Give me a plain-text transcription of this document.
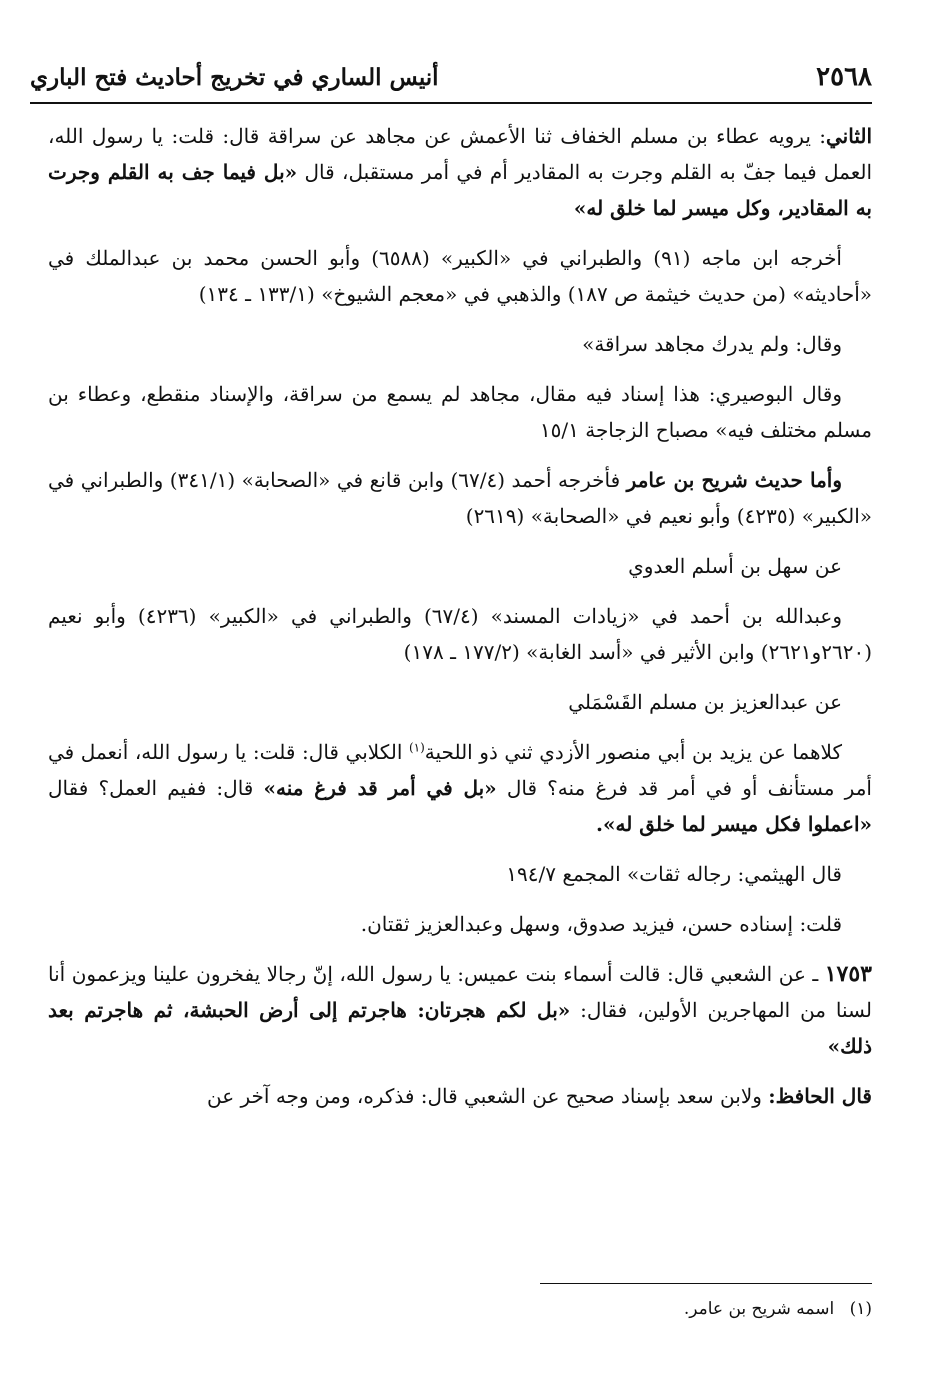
٢٥٦٨
أنيس الساري في تخريج أحاديث فتح الباري

الثاني: يرويه عطاء بن مسلم الخفاف ثنا الأعمش عن مجاهد عن سراقة قال: قلت: يا رسول الله، العمل فيما جفّ به القلم وجرت به المقادير أم في أمر مستقبل، قال «بل فيما جف به القلم وجرت به المقادير، وكل ميسر لما خلق له»

أخرجه ابن ماجه (٩١) والطبراني في «الكبير» (٦٥٨٨) وأبو الحسن محمد بن عبدالملك في «أحاديثه» (من حديث خيثمة ص ١٨٧) والذهبي في «معجم الشيوخ» (١٣٣/١ ـ ١٣٤)

وقال: ولم يدرك مجاهد سراقة»

وقال البوصيري: هذا إسناد فيه مقال، مجاهد لم يسمع من سراقة، والإسناد منقطع، وعطاء بن مسلم مختلف فيه» مصباح الزجاجة ١٥/١

وأما حديث شريح بن عامر فأخرجه أحمد (٦٧/٤) وابن قانع في «الصحابة» (٣٤١/١) والطبراني في «الكبير» (٤٢٣٥) وأبو نعيم في «الصحابة» (٢٦١٩)

عن سهل بن أسلم العدوي

وعبدالله بن أحمد في «زيادات المسند» (٦٧/٤) والطبراني في «الكبير» (٤٢٣٦) وأبو نعيم (٢٦٢٠و٢٦٢١) وابن الأثير في «أسد الغابة» (١٧٧/٢ ـ ١٧٨)

عن عبدالعزيز بن مسلم القَسْمَلي

كلاهما عن يزيد بن أبي منصور الأزدي ثني ذو اللحية$^{(١)}$ الكلابي قال: قلت: يا رسول الله، أنعمل في أمر مستأنف أو في أمر قد فرغ منه؟ قال «بل في أمر قد فرغ منه» قال: ففيم العمل؟ فقال «اعملوا فكل ميسر لما خلق له».

قال الهيثمي: رجاله ثقات» المجمع ١٩٤/٧

قلت: إسناده حسن، فيزيد صدوق، وسهل وعبدالعزيز ثقتان.

١٧٥٣ ـ عن الشعبي قال: قالت أسماء بنت عميس: يا رسول الله، إنّ رجالا يفخرون علينا ويزعمون أنا لسنا من المهاجرين الأولين، فقال: «بل لكم هجرتان: هاجرتم إلى أرض الحبشة، ثم هاجرتم بعد ذلك»

قال الحافظ: ولابن سعد بإسناد صحيح عن الشعبي قال: فذكره، ومن وجه آخر عن

(١) اسمه شريح بن عامر.
